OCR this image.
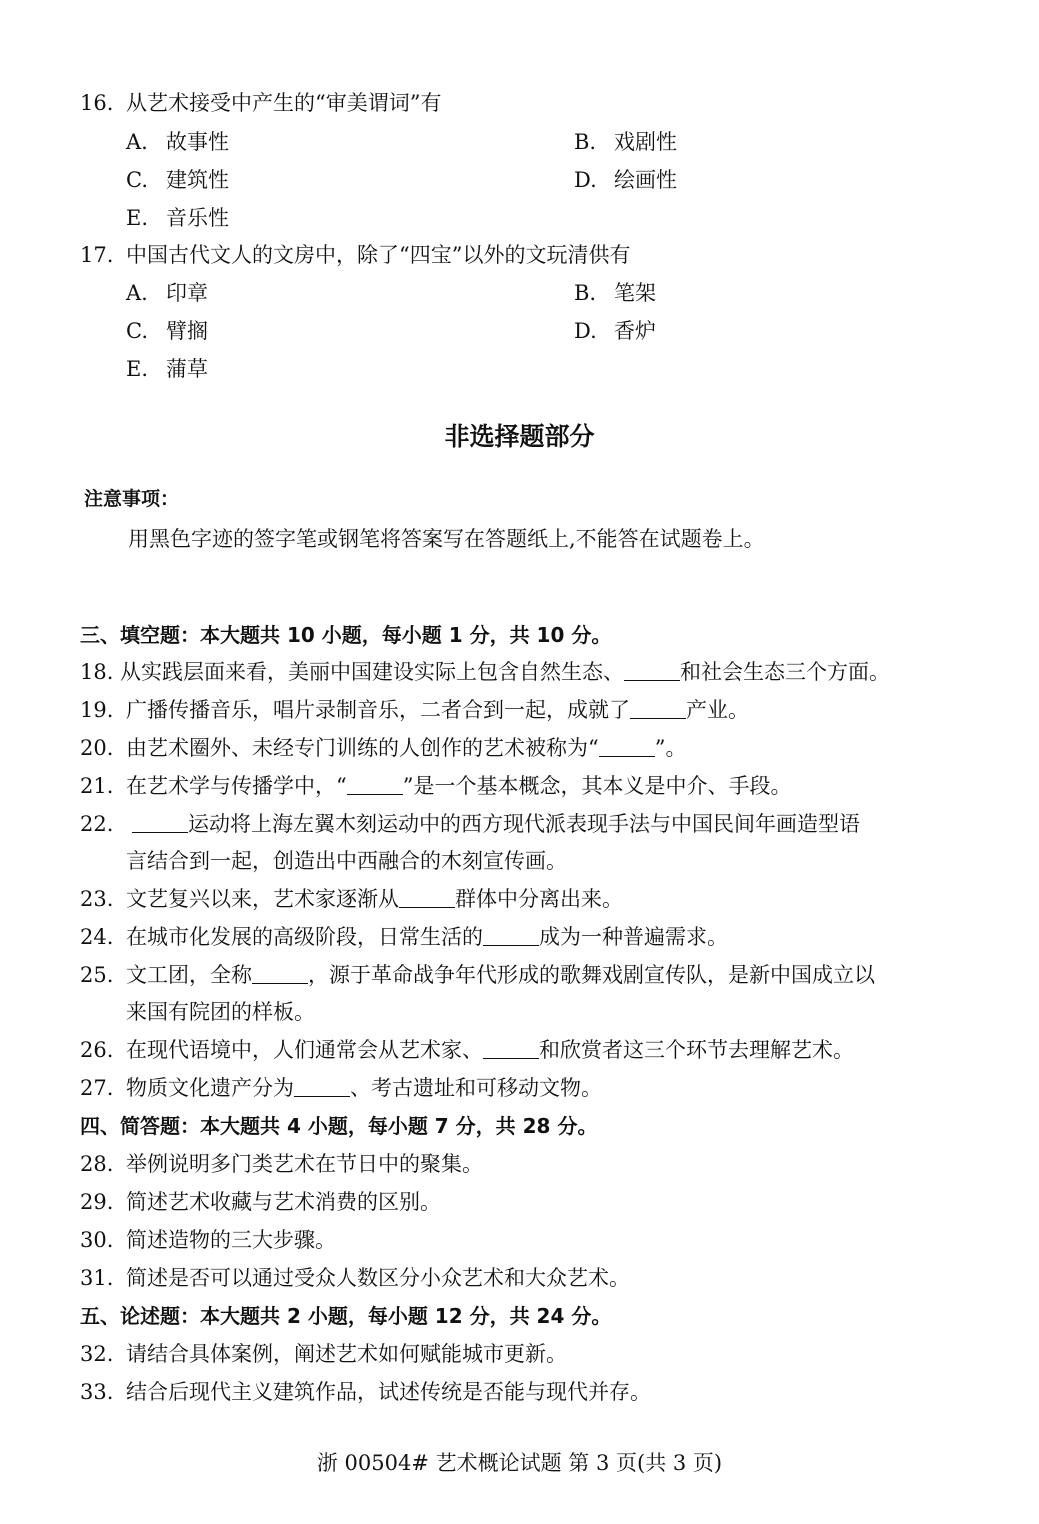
16. 从艺术接受中产生的“审美谓词”有
A. 故事性	B. 戏剧性
C. 建筑性	D. 绘画性
E. 音乐性
17. 中国古代文人的文房中，除了“四宝”以外的文玩清供有
A. 印章	B. 笔架
C. 臂搁	D. 香炉
E. 蒲草
非选择题部分
注意事项：
用黑色字迹的签字笔或钢笔将答案写在答题纸上,不能答在试题卷上。
三、填空题：本大题共 10 小题，每小题 1 分，共 10 分。
18. 从实践层面来看，美丽中国建设实际上包含自然生态、	和社会生态三个方面。
19. 广播传播音乐，唱片录制音乐，二者合到一起，成就了	产业。
20. 由艺术圈外、未经专门训练的人创作的艺术被称为“	”。
21. 在艺术学与传播学中，“	”是一个基本概念，其本义是中介、手段。
22.	运动将上海左翼木刻运动中的西方现代派表现手法与中国民间年画造型语
言结合到一起，创造出中西融合的木刻宣传画。
23. 文艺复兴以来，艺术家逐渐从	群体中分离出来。
24. 在城市化发展的高级阶段，日常生活的	成为一种普遍需求。
25. 文工团，全称	，源于革命战争年代形成的歌舞戏剧宣传队，是新中国成立以
来国有院团的样板。
26. 在现代语境中，人们通常会从艺术家、	和欣赏者这三个环节去理解艺术。
27. 物质文化遗产分为	、考古遗址和可移动文物。
四、简答题：本大题共 4 小题，每小题 7 分，共 28 分。
28. 举例说明多门类艺术在节日中的聚集。
29. 简述艺术收藏与艺术消费的区别。
30. 简述造物的三大步骤。
31. 简述是否可以通过受众人数区分小众艺术和大众艺术。
五、论述题：本大题共 2 小题，每小题 12 分，共 24 分。
32. 请结合具体案例，阐述艺术如何赋能城市更新。
33. 结合后现代主义建筑作品，试述传统是否能与现代并存。
浙 00504# 艺术概论试题 第 3 页(共 3 页)
